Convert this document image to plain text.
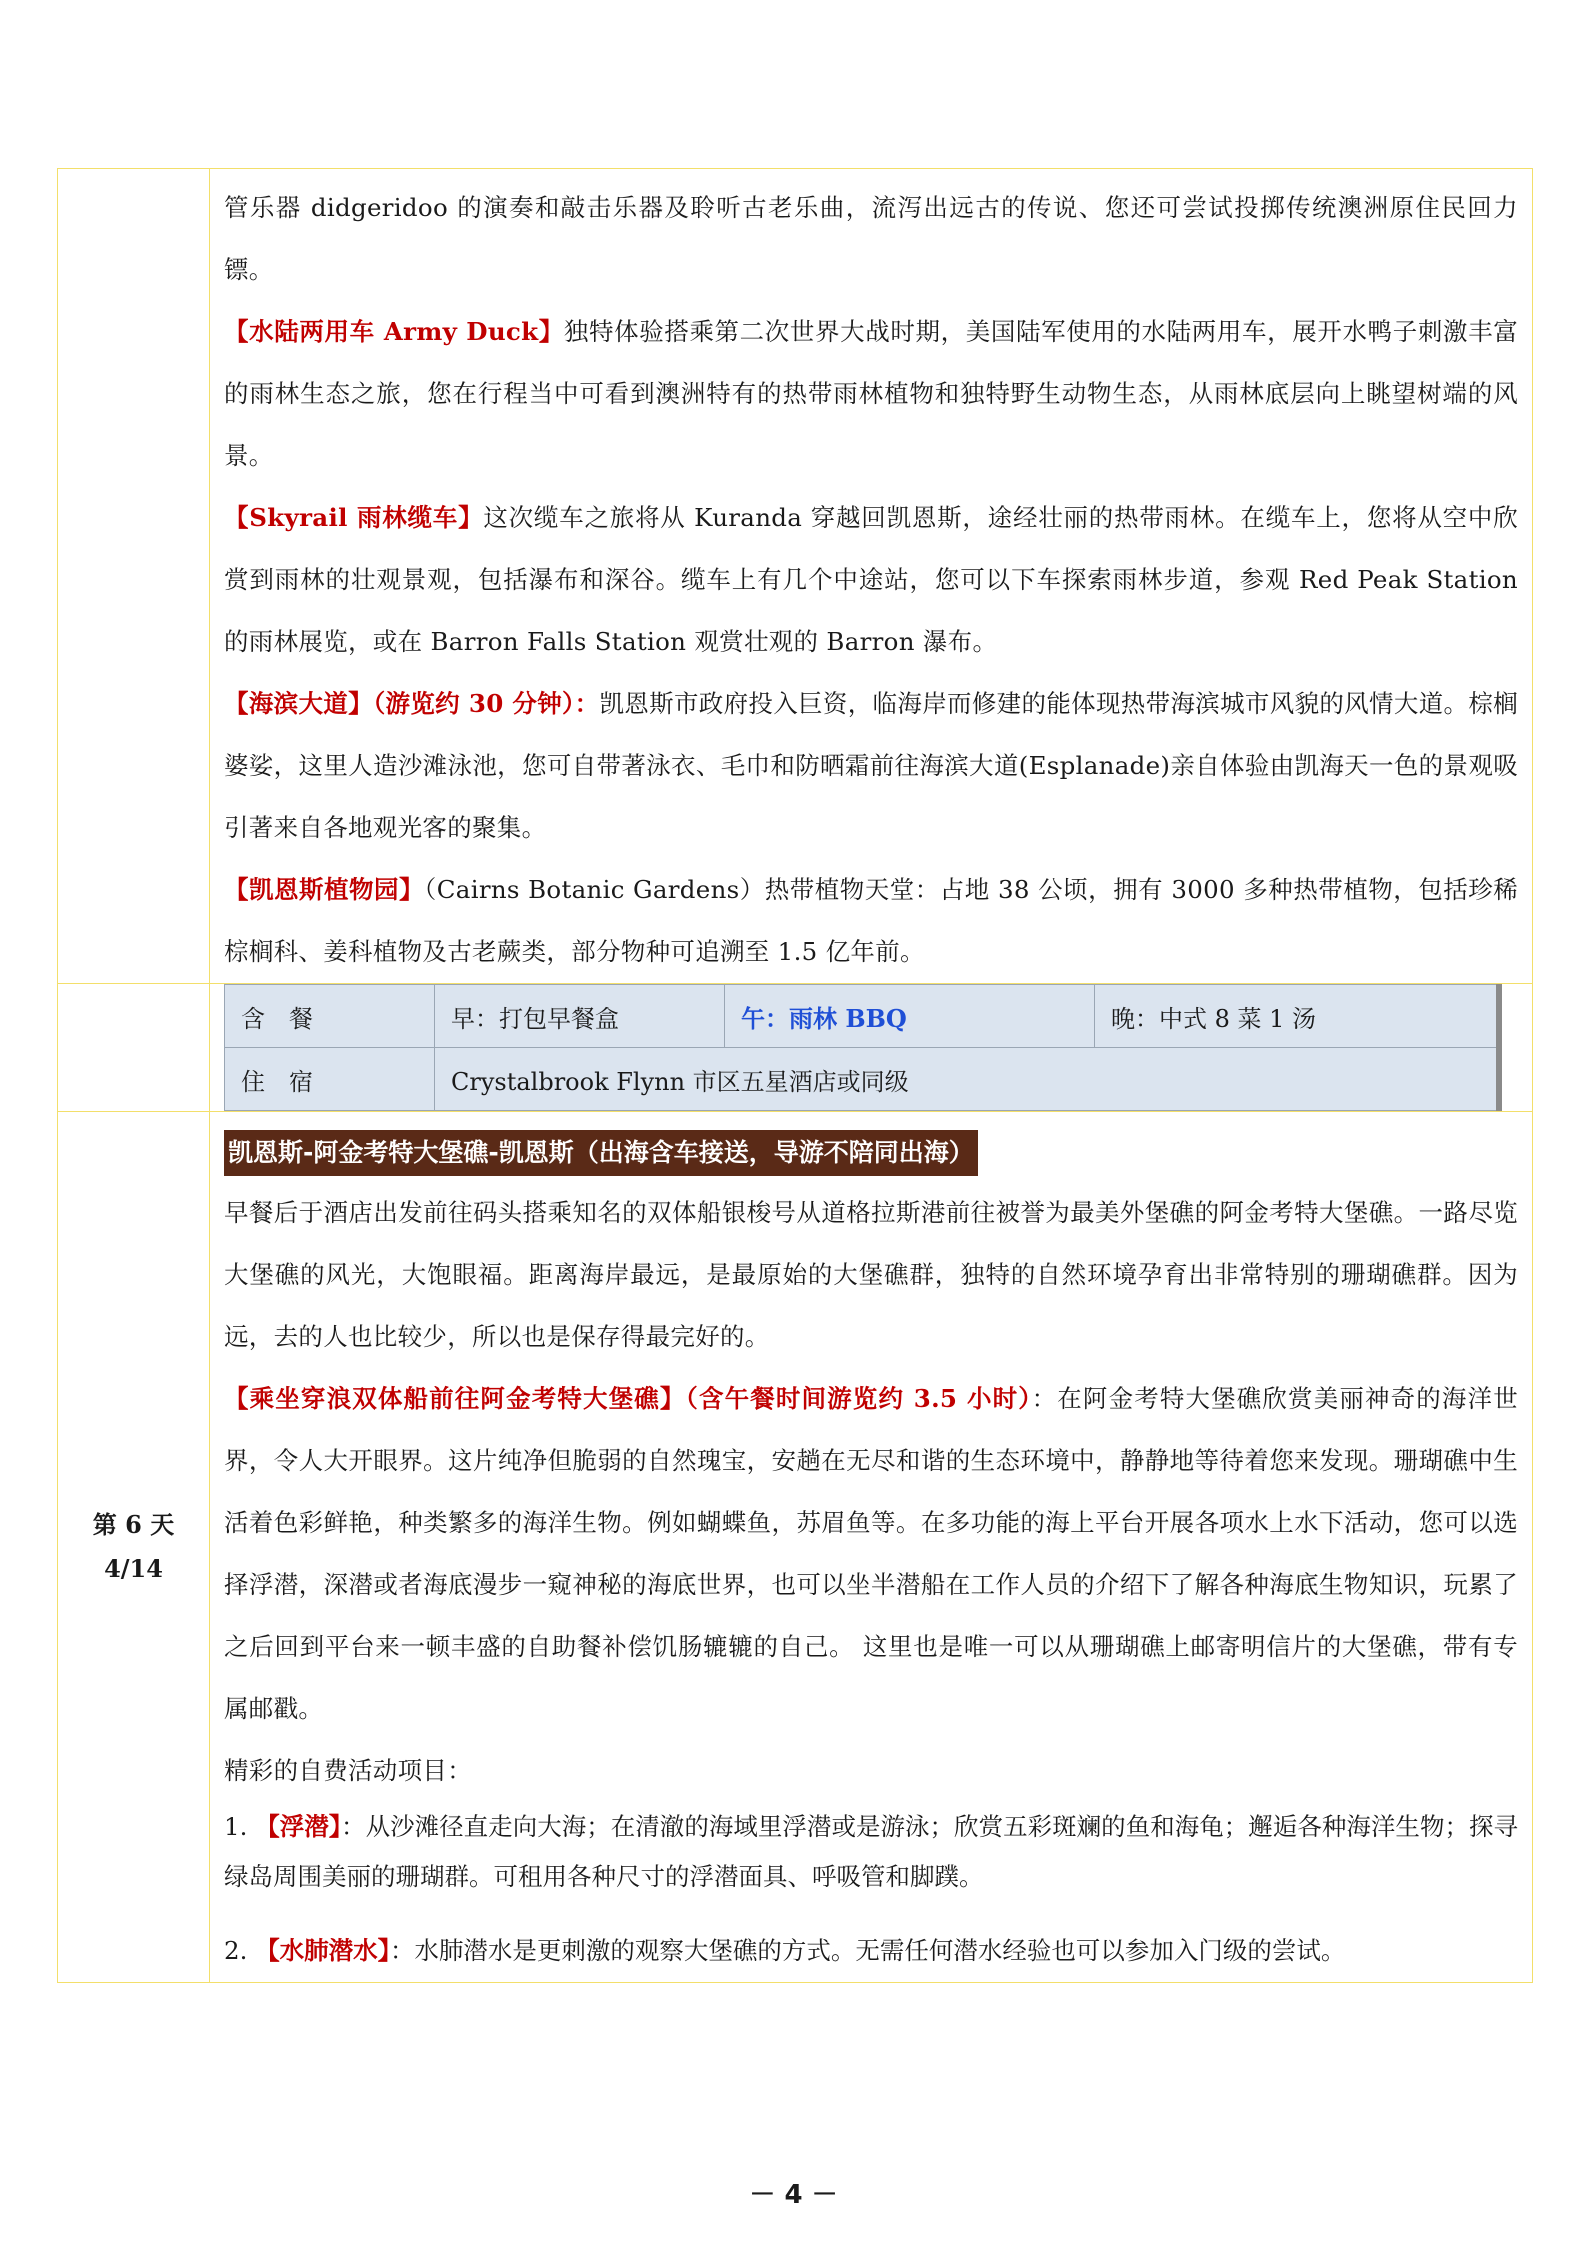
管乐器 didgeridoo 的演奏和敲击乐器及聆听古老乐曲，流泻出远古的传说、您还可尝试投掷传统澳洲原住民回力镖。

【水陆两用车 Army Duck】独特体验搭乘第二次世界大战时期，美国陆军使用的水陆两用车，展开水鸭子刺激丰富的雨林生态之旅，您在行程当中可看到澳洲特有的热带雨林植物和独特野生动物生态，从雨林底层向上眺望树端的风景。

【Skyrail 雨林缆车】这次缆车之旅将从 Kuranda 穿越回凯恩斯，途经壮丽的热带雨林。在缆车上，您将从空中欣赏到雨林的壮观景观，包括瀑布和深谷。缆车上有几个中途站，您可以下车探索雨林步道，参观 Red Peak Station 的雨林展览，或在 Barron Falls Station 观赏壮观的 Barron 瀑布。

【海滨大道】（游览约 30 分钟）：凯恩斯市政府投入巨资，临海岸而修建的能体现热带海滨城市风貌的风情大道。棕榈婆娑，这里人造沙滩泳池，您可自带著泳衣、毛巾和防晒霜前往海滨大道(Esplanade)亲自体验由凯海天一色的景观吸引著来自各地观光客的聚集。

【凯恩斯植物园】（Cairns Botanic Gardens）热带植物天堂：占地 38 公顷，拥有 3000 多种热带植物，包括珍稀棕榈科、姜科植物及古老蕨类，部分物种可追溯至 1.5 亿年前。

含　餐	早：打包早餐盒	午：雨林 BBQ	晚：中式 8 菜 1 汤
住　宿	Crystalbrook Flynn 市区五星酒店或同级

第 6 天
4/14

凯恩斯-阿金考特大堡礁-凯恩斯（出海含车接送，导游不陪同出海）

早餐后于酒店出发前往码头搭乘知名的双体船银梭号从道格拉斯港前往被誉为最美外堡礁的阿金考特大堡礁。一路尽览大堡礁的风光，大饱眼福。距离海岸最远，是最原始的大堡礁群，独特的自然环境孕育出非常特别的珊瑚礁群。因为远，去的人也比较少，所以也是保存得最完好的。

【乘坐穿浪双体船前往阿金考特大堡礁】（含午餐时间游览约 3.5 小时）：在阿金考特大堡礁欣赏美丽神奇的海洋世界，令人大开眼界。这片纯净但脆弱的自然瑰宝，安趟在无尽和谐的生态环境中，静静地等待着您来发现。珊瑚礁中生活着色彩鲜艳，种类繁多的海洋生物。例如蝴蝶鱼，苏眉鱼等。在多功能的海上平台开展各项水上水下活动，您可以选择浮潜，深潜或者海底漫步一窥神秘的海底世界，也可以坐半潜船在工作人员的介绍下了解各种海底生物知识，玩累了之后回到平台来一顿丰盛的自助餐补偿饥肠辘辘的自己。 这里也是唯一可以从珊瑚礁上邮寄明信片的大堡礁，带有专属邮戳。

精彩的自费活动项目：

1. 【浮潜】：从沙滩径直走向大海；在清澈的海域里浮潜或是游泳；欣赏五彩斑斓的鱼和海龟；邂逅各种海洋生物；探寻绿岛周围美丽的珊瑚群。可租用各种尺寸的浮潜面具、呼吸管和脚蹼。

2. 【水肺潜水】：水肺潜水是更刺激的观察大堡礁的方式。无需任何潜水经验也可以参加入门级的尝试。

－ 4 －
